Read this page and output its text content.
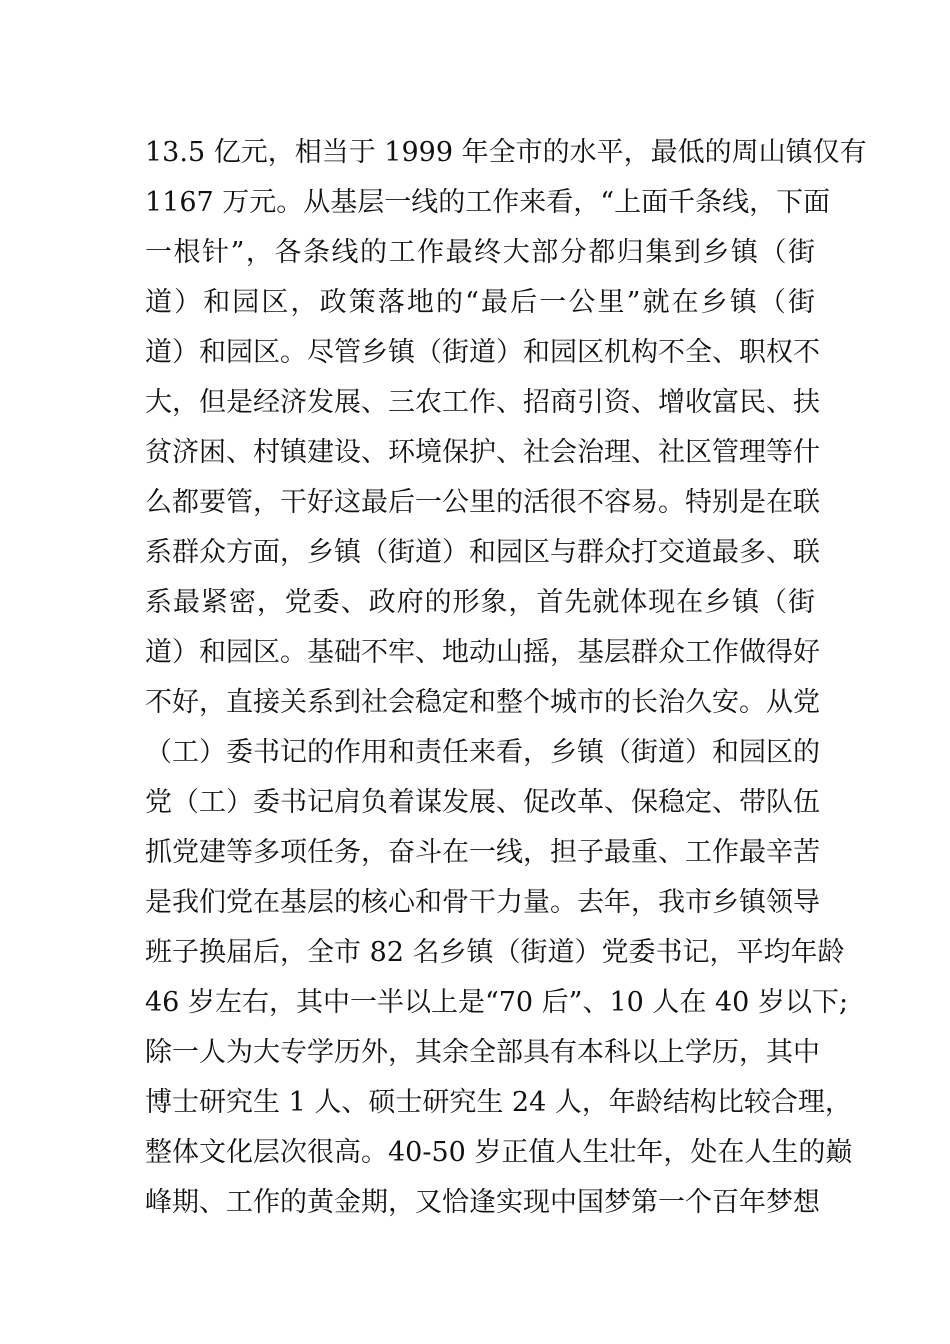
13.5 亿元，相当于 1999 年全市的水平，最低的周山镇仅有
1167 万元。从基层一线的工作来看，“上面千条线，下面
一根针”，各条线的工作最终大部分都归集到乡镇（街
道）和园区，政策落地的“最后一公里”就在乡镇（街
道）和园区。尽管乡镇（街道）和园区机构不全、职权不
大，但是经济发展、三农工作、招商引资、增收富民、扶
贫济困、村镇建设、环境保护、社会治理、社区管理等什
么都要管，干好这最后一公里的活很不容易。特别是在联
系群众方面，乡镇（街道）和园区与群众打交道最多、联
系最紧密，党委、政府的形象，首先就体现在乡镇（街
道）和园区。基础不牢、地动山摇，基层群众工作做得好
不好，直接关系到社会稳定和整个城市的长治久安。从党
（工）委书记的作用和责任来看，乡镇（街道）和园区的
党（工）委书记肩负着谋发展、促改革、保稳定、带队伍
抓党建等多项任务，奋斗在一线，担子最重、工作最辛苦
是我们党在基层的核心和骨干力量。去年，我市乡镇领导
班子换届后，全市 82 名乡镇（街道）党委书记，平均年龄
46 岁左右，其中一半以上是“70 后”、10 人在 40 岁以下;
除一人为大专学历外，其余全部具有本科以上学历，其中
博士研究生 1 人、硕士研究生 24 人，年龄结构比较合理，
整体文化层次很高。40-50 岁正值人生壮年，处在人生的巅
峰期、工作的黄金期，又恰逢实现中国梦第一个百年梦想
